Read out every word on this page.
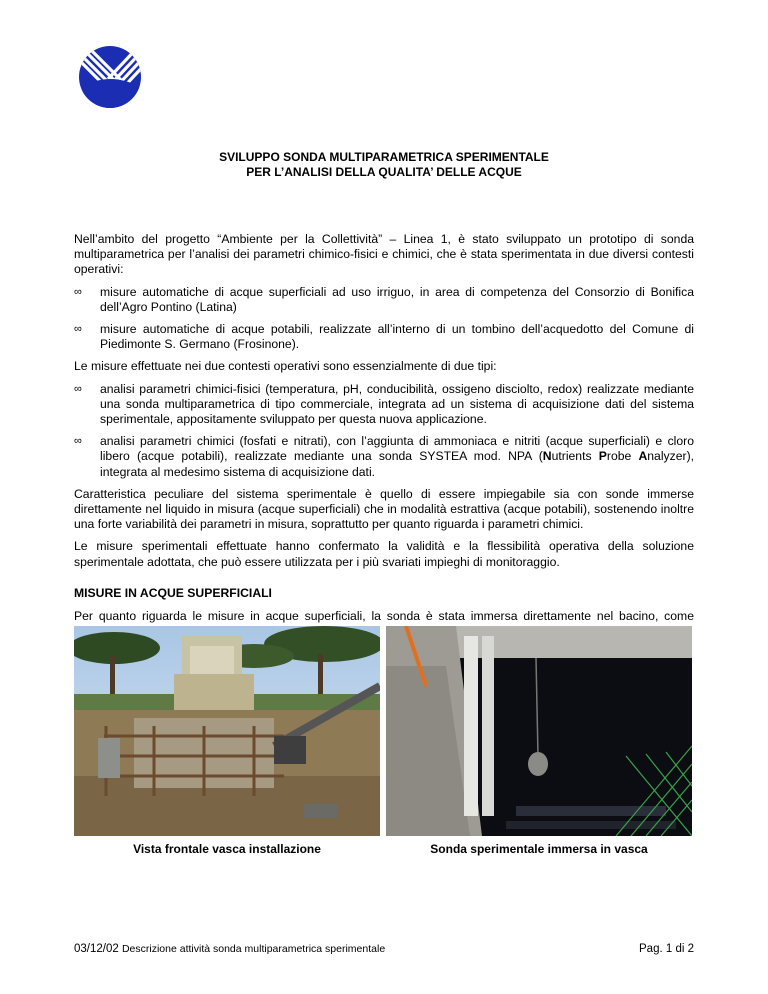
SVILUPPO SONDA MULTIPARAMETRICA SPERIMENTALE
PER L’ANALISI DELLA QUALITA’ DELLE ACQUE

Nell’ambito del progetto “Ambiente per la Collettività” – Linea 1, è stato sviluppato un prototipo di sonda multiparametrica per l’analisi dei parametri chimico-fisici e chimici, che è stata sperimentata in due diversi contesti operativi:

∞ misure automatiche di acque superficiali ad uso irriguo, in area di competenza del Consorzio di Bonifica dell’Agro Pontino (Latina)
∞ misure automatiche di acque potabili, realizzate all’interno di un tombino dell’acquedotto del Comune di Piedimonte S. Germano (Frosinone).

Le misure effettuate nei due contesti operativi sono essenzialmente di due tipi:

∞ analisi parametri chimici-fisici (temperatura, pH, conducibilità, ossigeno disciolto, redox) realizzate mediante una sonda multiparametrica di tipo commerciale, integrata ad un sistema di acquisizione dati del sistema sperimentale, appositamente sviluppato per questa nuova applicazione.
∞ analisi parametri chimici (fosfati e nitrati), con l’aggiunta di ammoniaca e nitriti (acque superficiali) e cloro libero (acque potabili), realizzate mediante una sonda SYSTEA mod. NPA (Nutrients Probe Analyzer), integrata al medesimo sistema di acquisizione dati.

Caratteristica peculiare del sistema sperimentale è quello di essere impiegabile sia con sonde immerse direttamente nel liquido in misura (acque superficiali) che in modalità estrattiva (acque potabili), sostenendo inoltre una forte variabilità dei parametri in misura, soprattutto per quanto riguarda i parametri chimici.

Le misure sperimentali effettuate hanno confermato la validità e la flessibilità operativa della soluzione sperimentale adottata, che può essere utilizzata per i più svariati impieghi di monitoraggio.

MISURE IN ACQUE SUPERFICIALI

Per quanto riguarda le misure in acque superficiali, la sonda è stata immersa direttamente nel bacino, come

Vista frontale vasca installazione	Sonda sperimentale immersa in vasca
03/12/02 Descrizione attività sonda multiparametrica sperimentale	Pag. 1 di 2
